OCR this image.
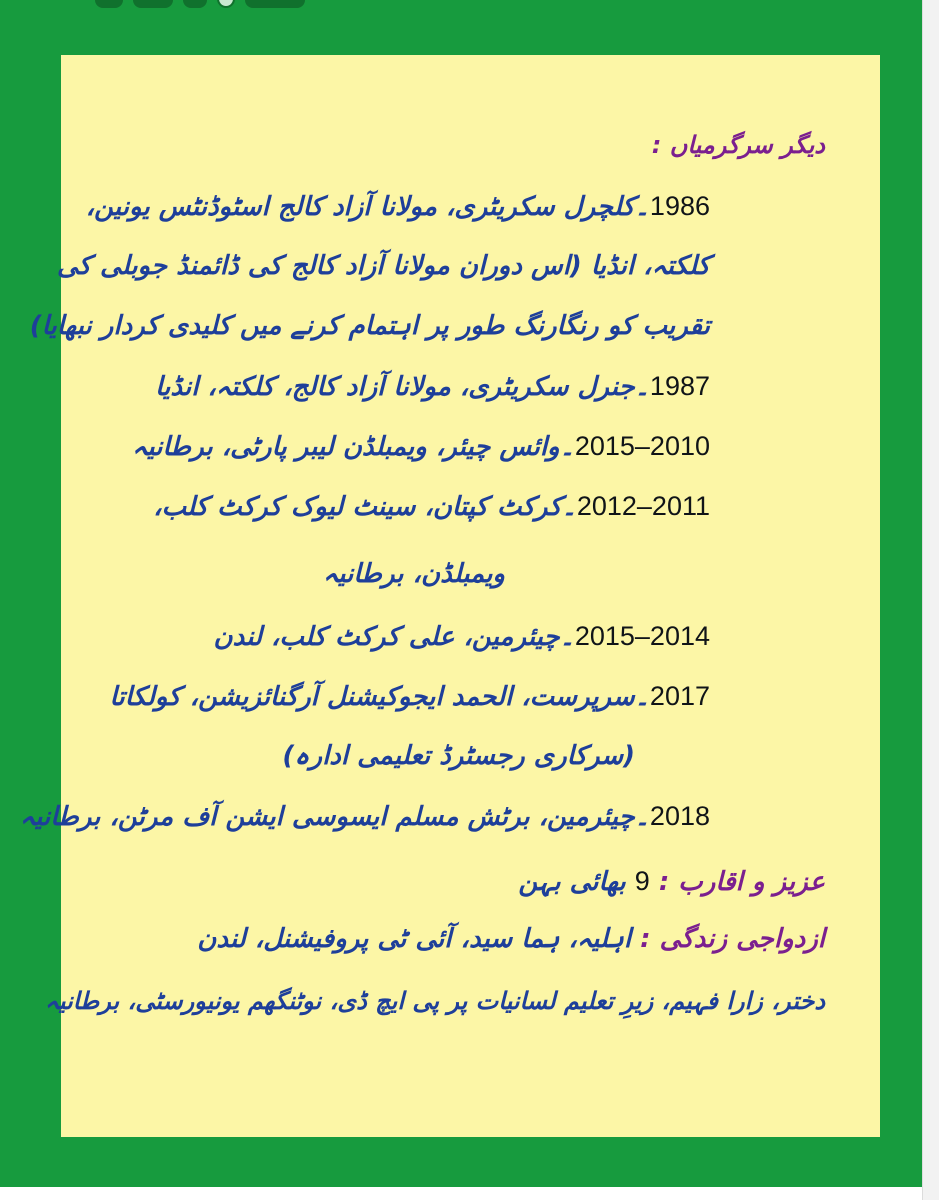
دیگر سرگرمیاں :
1986۔کلچرل سکریٹری، مولانا آزاد کالج اسٹوڈنٹس یونین،
کلکتہ، انڈیا (اس دوران مولانا آزاد کالج کی ڈائمنڈ جوبلی کی
تقریب کو رنگارنگ طور پر اہتمام کرنے میں کلیدی کردار نبھایا)
1987۔جنرل سکریٹری، مولانا آزاد کالج، کلکتہ، انڈیا
2015–2010۔وائس چیئر، ویمبلڈن لیبر پارٹی، برطانیہ
2012–2011۔کرکٹ کپتان، سینٹ لیوک کرکٹ کلب،
ویمبلڈن، برطانیہ
2015–2014۔چیئرمین، علی کرکٹ کلب، لندن
2017۔سرپرست، الحمد ایجوکیشنل آرگنائزیشن، کولکاتا
(سرکاری رجسٹرڈ تعلیمی ادارہ)
2018۔چیئرمین، برٹش مسلم ایسوسی ایشن آف مرٹن، برطانیہ
عزیز و اقارب : 9 بھائی بہن
ازدواجی زندگی : اہلیہ، ہما سید، آئی ٹی پروفیشنل، لندن
دختر، زارا فہیم، زیرِ تعلیم لسانیات پر پی ایچ ڈی، نوٹنگھم یونیورسٹی، برطانیہ
